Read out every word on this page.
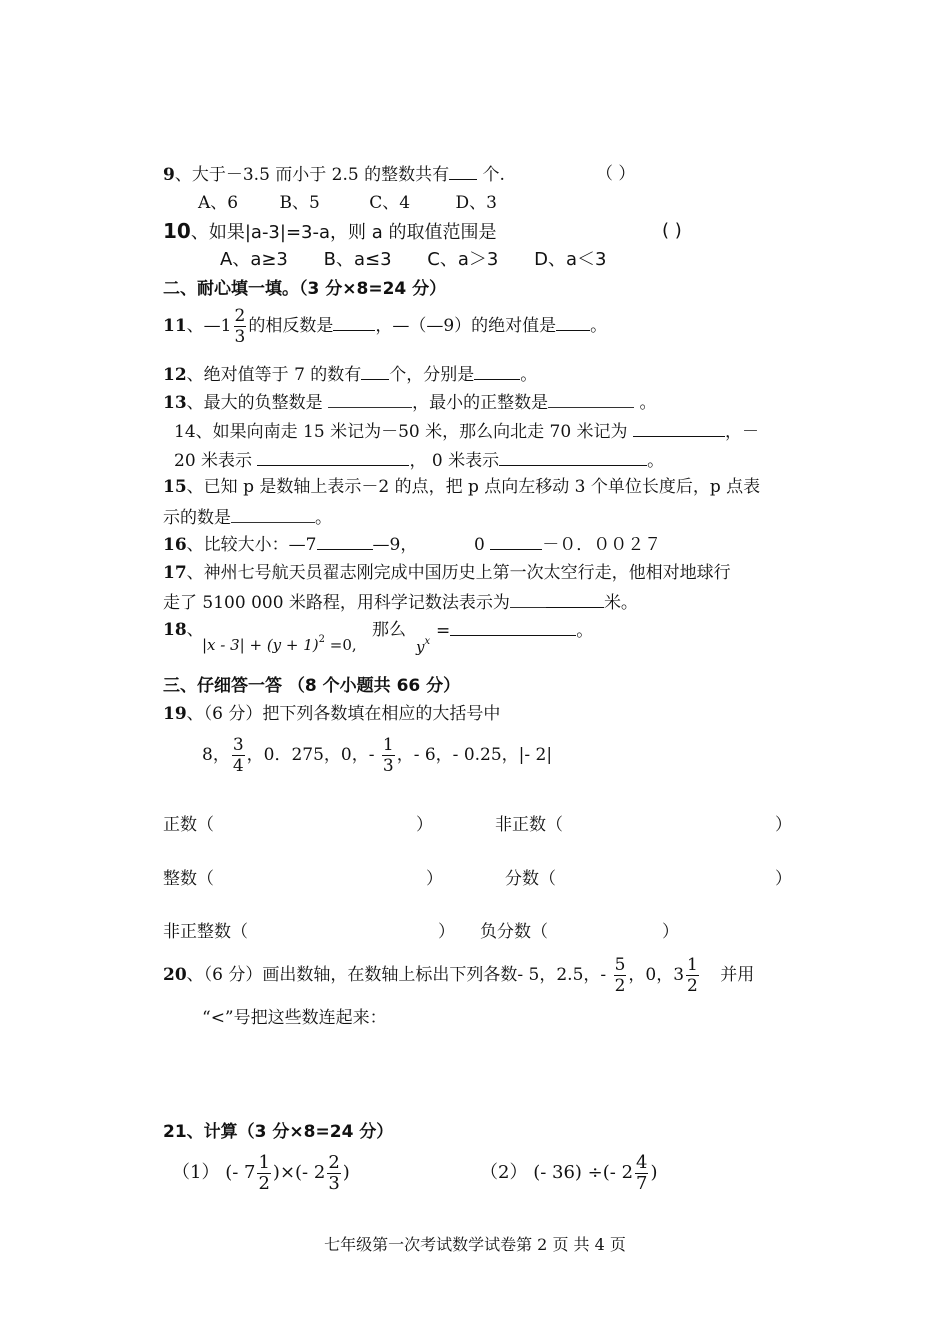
9、大于－3.5 而小于 2.5 的整数共有 个.	（ ）
A、6 B、5	C、4	D、3
10、如果|a-3|=3-a，则 a 的取值范围是	( )
A、a≥3 B、a≤3 C、a＞3 D、a＜3
二、耐心填一填。（3 分×8=24 分）
11、—1 $\frac{2}{3}$ 的相反数是 ，—（—9）的绝对值是 。
12、绝对值等于 7 的数有 个，分别是	。
13、最大的负整数是	，最小的正整数是	。
14、如果向南走 15 米记为－50 米，那么向北走 70 米记为	，－
20 米表示	， 0 米表示	。
15、已知 p 是数轴上表示－2 的点，把 p 点向左移动 3 个单位长度后，p 点表
示的数是	。
16、比较大小：—7	—9，	0	－０．００２７
17、神州七号航天员翟志刚完成中国历史上第一次太空行走，他相对地球行
走了 5100 000 米路程，用科学记数法表示为	米。
18、
$|x - 3| + (y + 1)^2 =0$,
那么
$y^x$
=	。
三、仔细答一答 （8 个小题共 66 分）
19、（6 分）把下列各数填在相应的大括号中
8， $\frac{3}{4}$ ，0．275，0，- $\frac{1}{3}$ ，- 6，- 0.25，|- 2|
正数（	）	非正数（	）
整数（	）	分数（	）
非正整数（	） 负分数（	）
20、（6 分）画出数轴，在数轴上标出下列各数- 5，2.5，- $\frac{5}{2}$ ，0，$3 \frac{1}{2}$ 并用
“<”号把这些数连起来：
21、计算（3 分×8=24 分）
（1） (- $7 \frac{1}{2}$ )×(- $2 \frac{2}{3}$ )	（2） (- 36) ÷(- $2 \frac{4}{7}$ )
七年级第一次考试数学试卷第 2 页 共 4 页
